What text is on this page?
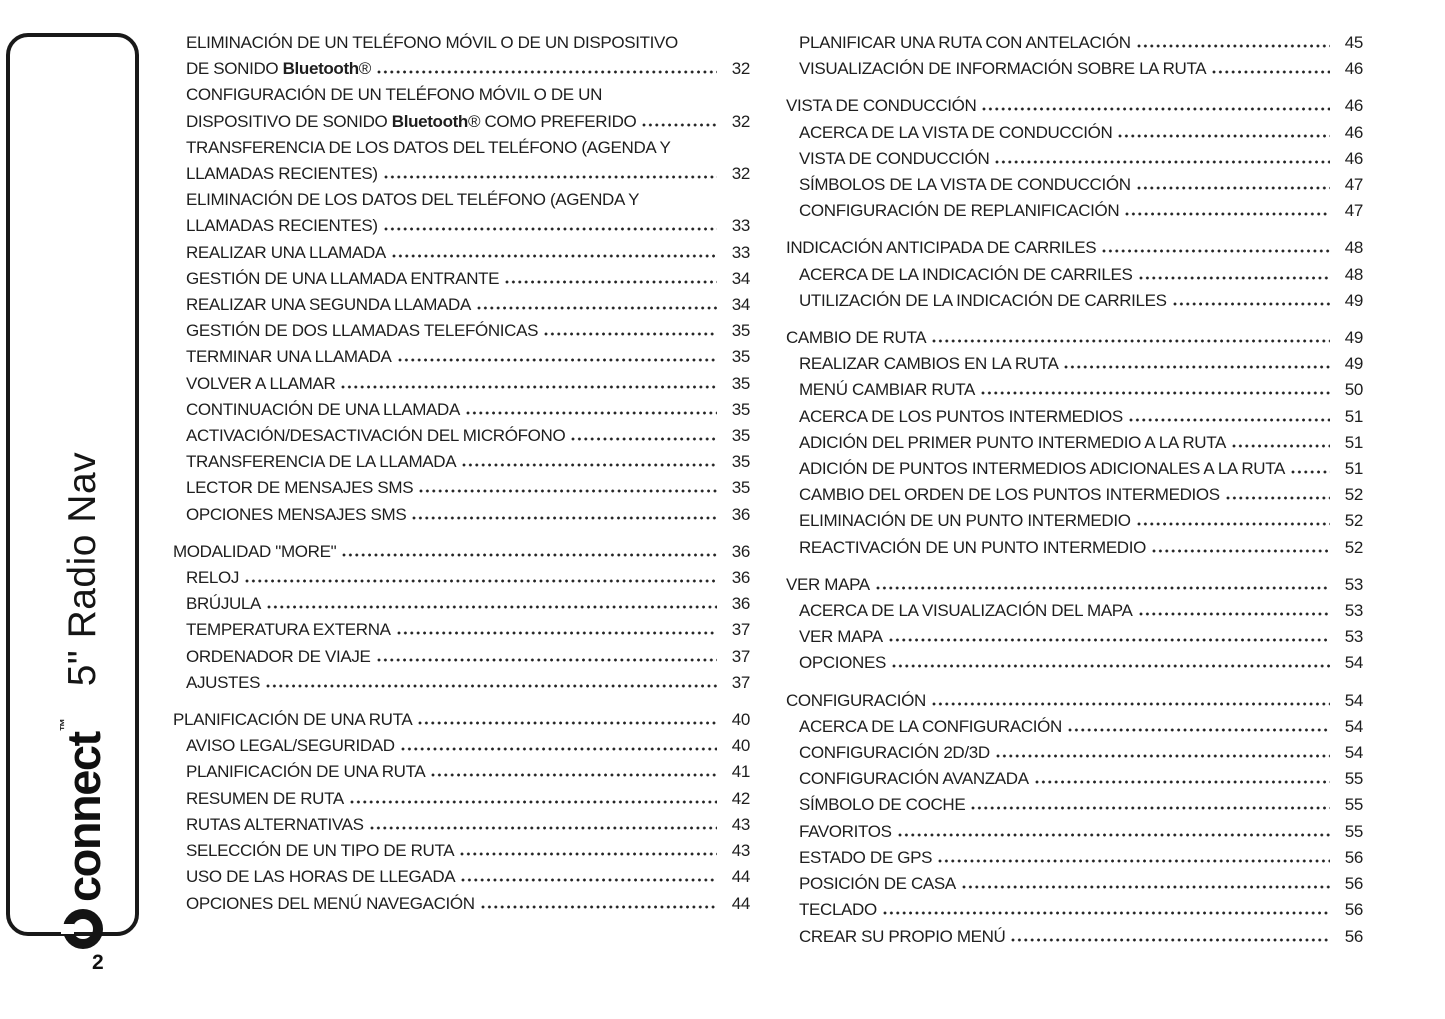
connect
™
5" Radio Nav
2
ELIMINACIÓN DE UN TELÉFONO MÓVIL O DE UN DISPOSITIVO
DE SONIDO Bluetooth®	32
CONFIGURACIÓN DE UN TELÉFONO MÓVIL O DE UN
DISPOSITIVO DE SONIDO Bluetooth® COMO PREFERIDO	32
TRANSFERENCIA DE LOS DATOS DEL TELÉFONO (AGENDA Y
LLAMADAS RECIENTES)	32
ELIMINACIÓN DE LOS DATOS DEL TELÉFONO (AGENDA Y
LLAMADAS RECIENTES)	33
REALIZAR UNA LLAMADA	33
GESTIÓN DE UNA LLAMADA ENTRANTE	34
REALIZAR UNA SEGUNDA LLAMADA	34
GESTIÓN DE DOS LLAMADAS TELEFÓNICAS	35
TERMINAR UNA LLAMADA	35
VOLVER A LLAMAR	35
CONTINUACIÓN DE UNA LLAMADA	35
ACTIVACIÓN/DESACTIVACIÓN DEL MICRÓFONO	35
TRANSFERENCIA DE LA LLAMADA	35
LECTOR DE MENSAJES SMS	35
OPCIONES MENSAJES SMS	36
MODALIDAD "MORE"	36
RELOJ	36
BRÚJULA	36
TEMPERATURA EXTERNA	37
ORDENADOR DE VIAJE	37
AJUSTES	37
PLANIFICACIÓN DE UNA RUTA	40
AVISO LEGAL/SEGURIDAD	40
PLANIFICACIÓN DE UNA RUTA	41
RESUMEN DE RUTA	42
RUTAS ALTERNATIVAS	43
SELECCIÓN DE UN TIPO DE RUTA	43
USO DE LAS HORAS DE LLEGADA	44
OPCIONES DEL MENÚ NAVEGACIÓN	44
PLANIFICAR UNA RUTA CON ANTELACIÓN	45
VISUALIZACIÓN DE INFORMACIÓN SOBRE LA RUTA	46
VISTA DE CONDUCCIÓN	46
ACERCA DE LA VISTA DE CONDUCCIÓN	46
VISTA DE CONDUCCIÓN	46
SÍMBOLOS DE LA VISTA DE CONDUCCIÓN	47
CONFIGURACIÓN DE REPLANIFICACIÓN	47
INDICACIÓN ANTICIPADA DE CARRILES	48
ACERCA DE LA INDICACIÓN DE CARRILES	48
UTILIZACIÓN DE LA INDICACIÓN DE CARRILES	49
CAMBIO DE RUTA	49
REALIZAR CAMBIOS EN LA RUTA	49
MENÚ CAMBIAR RUTA	50
ACERCA DE LOS PUNTOS INTERMEDIOS	51
ADICIÓN DEL PRIMER PUNTO INTERMEDIO A LA RUTA	51
ADICIÓN DE PUNTOS INTERMEDIOS ADICIONALES A LA RUTA	51
CAMBIO DEL ORDEN DE LOS PUNTOS INTERMEDIOS	52
ELIMINACIÓN DE UN PUNTO INTERMEDIO	52
REACTIVACIÓN DE UN PUNTO INTERMEDIO	52
VER MAPA	53
ACERCA DE LA VISUALIZACIÓN DEL MAPA	53
VER MAPA	53
OPCIONES	54
CONFIGURACIÓN	54
ACERCA DE LA CONFIGURACIÓN	54
CONFIGURACIÓN 2D/3D	54
CONFIGURACIÓN AVANZADA	55
SÍMBOLO DE COCHE	55
FAVORITOS	55
ESTADO DE GPS	56
POSICIÓN DE CASA	56
TECLADO	56
CREAR SU PROPIO MENÚ	56
